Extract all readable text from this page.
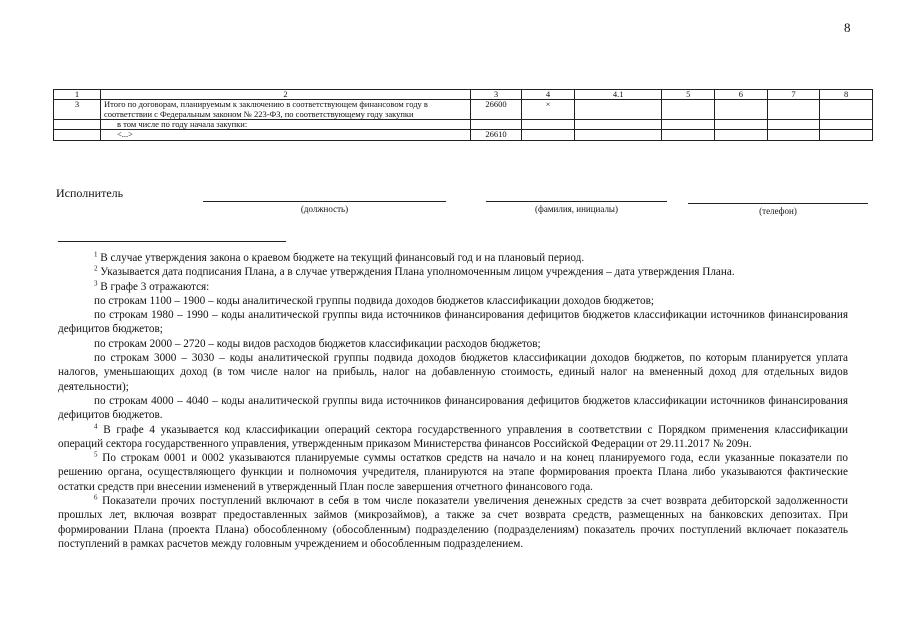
8
1	2	3	4	4.1	5	6	7	8
3	Итого по договорам, планируемым к заключению в соответствующем финансовом году в соответствии с Федеральным законом № 223-ФЗ, по соответствующему году закупки	26600	×					
	в том числе по году начала закупки:							
	<...>	26610						
Исполнитель
(должность)	(фамилия, инициалы)	(телефон)

$^1$ В случае утверждения закона о краевом бюджете на текущий финансовый год и на плановый период.

$^2$ Указывается дата подписания Плана, а в случае утверждения Плана уполномоченным лицом учреждения – дата утверждения Плана.

$^3$ В графе 3 отражаются:

по строкам 1100 – 1900 – коды аналитической группы подвида доходов бюджетов классификации доходов бюджетов;

по строкам 1980 – 1990 – коды аналитической группы вида источников финансирования дефицитов бюджетов классификации источников финансирования дефицитов бюджетов;

по строкам 2000 – 2720 – коды видов расходов бюджетов классификации расходов бюджетов;

по строкам 3000 – 3030 – коды аналитической группы подвида доходов бюджетов классификации доходов бюджетов, по которым планируется уплата налогов, уменьшающих доход (в том числе налог на прибыль, налог на добавленную стоимость, единый налог на вмененный доход для отдельных видов деятельности);

по строкам 4000 – 4040 – коды аналитической группы вида источников финансирования дефицитов бюджетов классификации источников финансирования дефицитов бюджетов.

$^4$ В графе 4 указывается код классификации операций сектора государственного управления в соответствии с Порядком применения классификации операций сектора государственного управления, утвержденным приказом Министерства финансов Российской Федерации от 29.11.2017 № 209н.

$^5$ По строкам 0001 и 0002 указываются планируемые суммы остатков средств на начало и на конец планируемого года, если указанные показатели по решению органа, осуществляющего функции и полномочия учредителя, планируются на этапе формирования проекта Плана либо указываются фактические остатки средств при внесении изменений в утвержденный План после завершения отчетного финансового года.

$^6$ Показатели прочих поступлений включают в себя в том числе показатели увеличения денежных средств за счет возврата дебиторской задолженности прошлых лет, включая возврат предоставленных займов (микрозаймов), а также за счет возврата средств, размещенных на банковских депозитах. При формировании Плана (проекта Плана) обособленному (обособленным) подразделению (подразделениям) показатель прочих поступлений включает показатель поступлений в рамках расчетов между головным учреждением и обособленным подразделением.
